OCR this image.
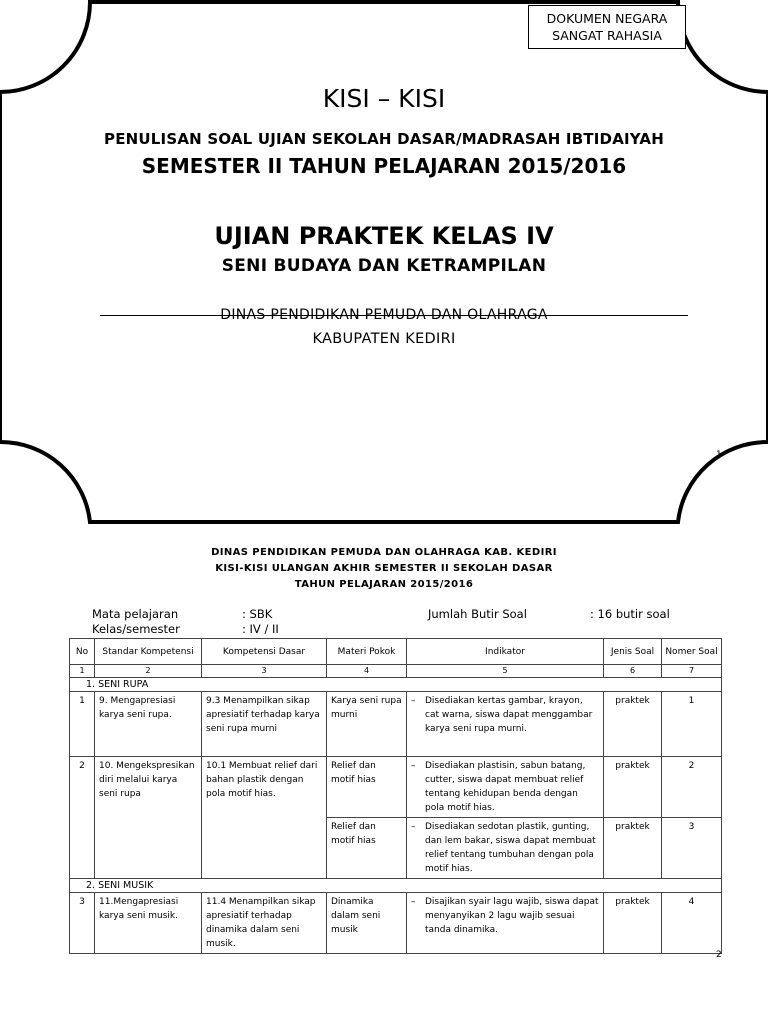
DOKUMEN NEGARA
SANGAT RAHASIA
KISI – KISI
PENULISAN SOAL UJIAN SEKOLAH DASAR/MADRASAH IBTIDAIYAH
SEMESTER II TAHUN PELAJARAN 2015/2016
UJIAN PRAKTEK KELAS IV
SENI BUDAYA DAN KETRAMPILAN
DINAS PENDIDIKAN PEMUDA DAN OLAHRAGA
KABUPATEN KEDIRI
1
DINAS PENDIDIKAN PEMUDA DAN OLAHRAGA KAB. KEDIRI
KISI-KISI ULANGAN AKHIR SEMESTER II SEKOLAH DASAR
TAHUN PELAJARAN 2015/2016
Mata pelajaran	: SBK
Kelas/semester	: IV / II
Jumlah Butir Soal	: 16 butir soal
No	Standar Kompetensi	Kompetensi Dasar	Materi Pokok	Indikator	Jenis Soal	Nomer Soal
1	2	3	4	5	6	7
1. SENI RUPA						
1	9. Mengapresiasi karya seni rupa.	9.3 Menampilkan sikap apresiatif terhadap karya seni rupa murni	Karya seni rupa murni	– Disediakan kertas gambar, krayon, cat warna, siswa dapat menggambar karya seni rupa murni.	praktek	1
2	10. Mengekspresikan diri melalui karya seni rupa	10.1 Membuat relief dari bahan plastik dengan pola motif hias.	Relief dan motif hias	– Disediakan plastisin, sabun batang, cutter, siswa dapat membuat relief tentang kehidupan benda dengan pola motif hias.	praktek	2
			Relief dan motif hias	– Disediakan sedotan plastik, gunting, dan lem bakar, siswa dapat membuat relief tentang tumbuhan dengan pola motif hias.	praktek	3
2. SENI MUSIK						
3	11.Mengapresiasi karya seni musik.	11.4 Menampilkan sikap apresiatif terhadap dinamika dalam seni musik.	Dinamika dalam seni musik	– Disajikan syair lagu wajib, siswa dapat menyanyikan 2 lagu wajib sesuai tanda dinamika.	praktek	4
2
